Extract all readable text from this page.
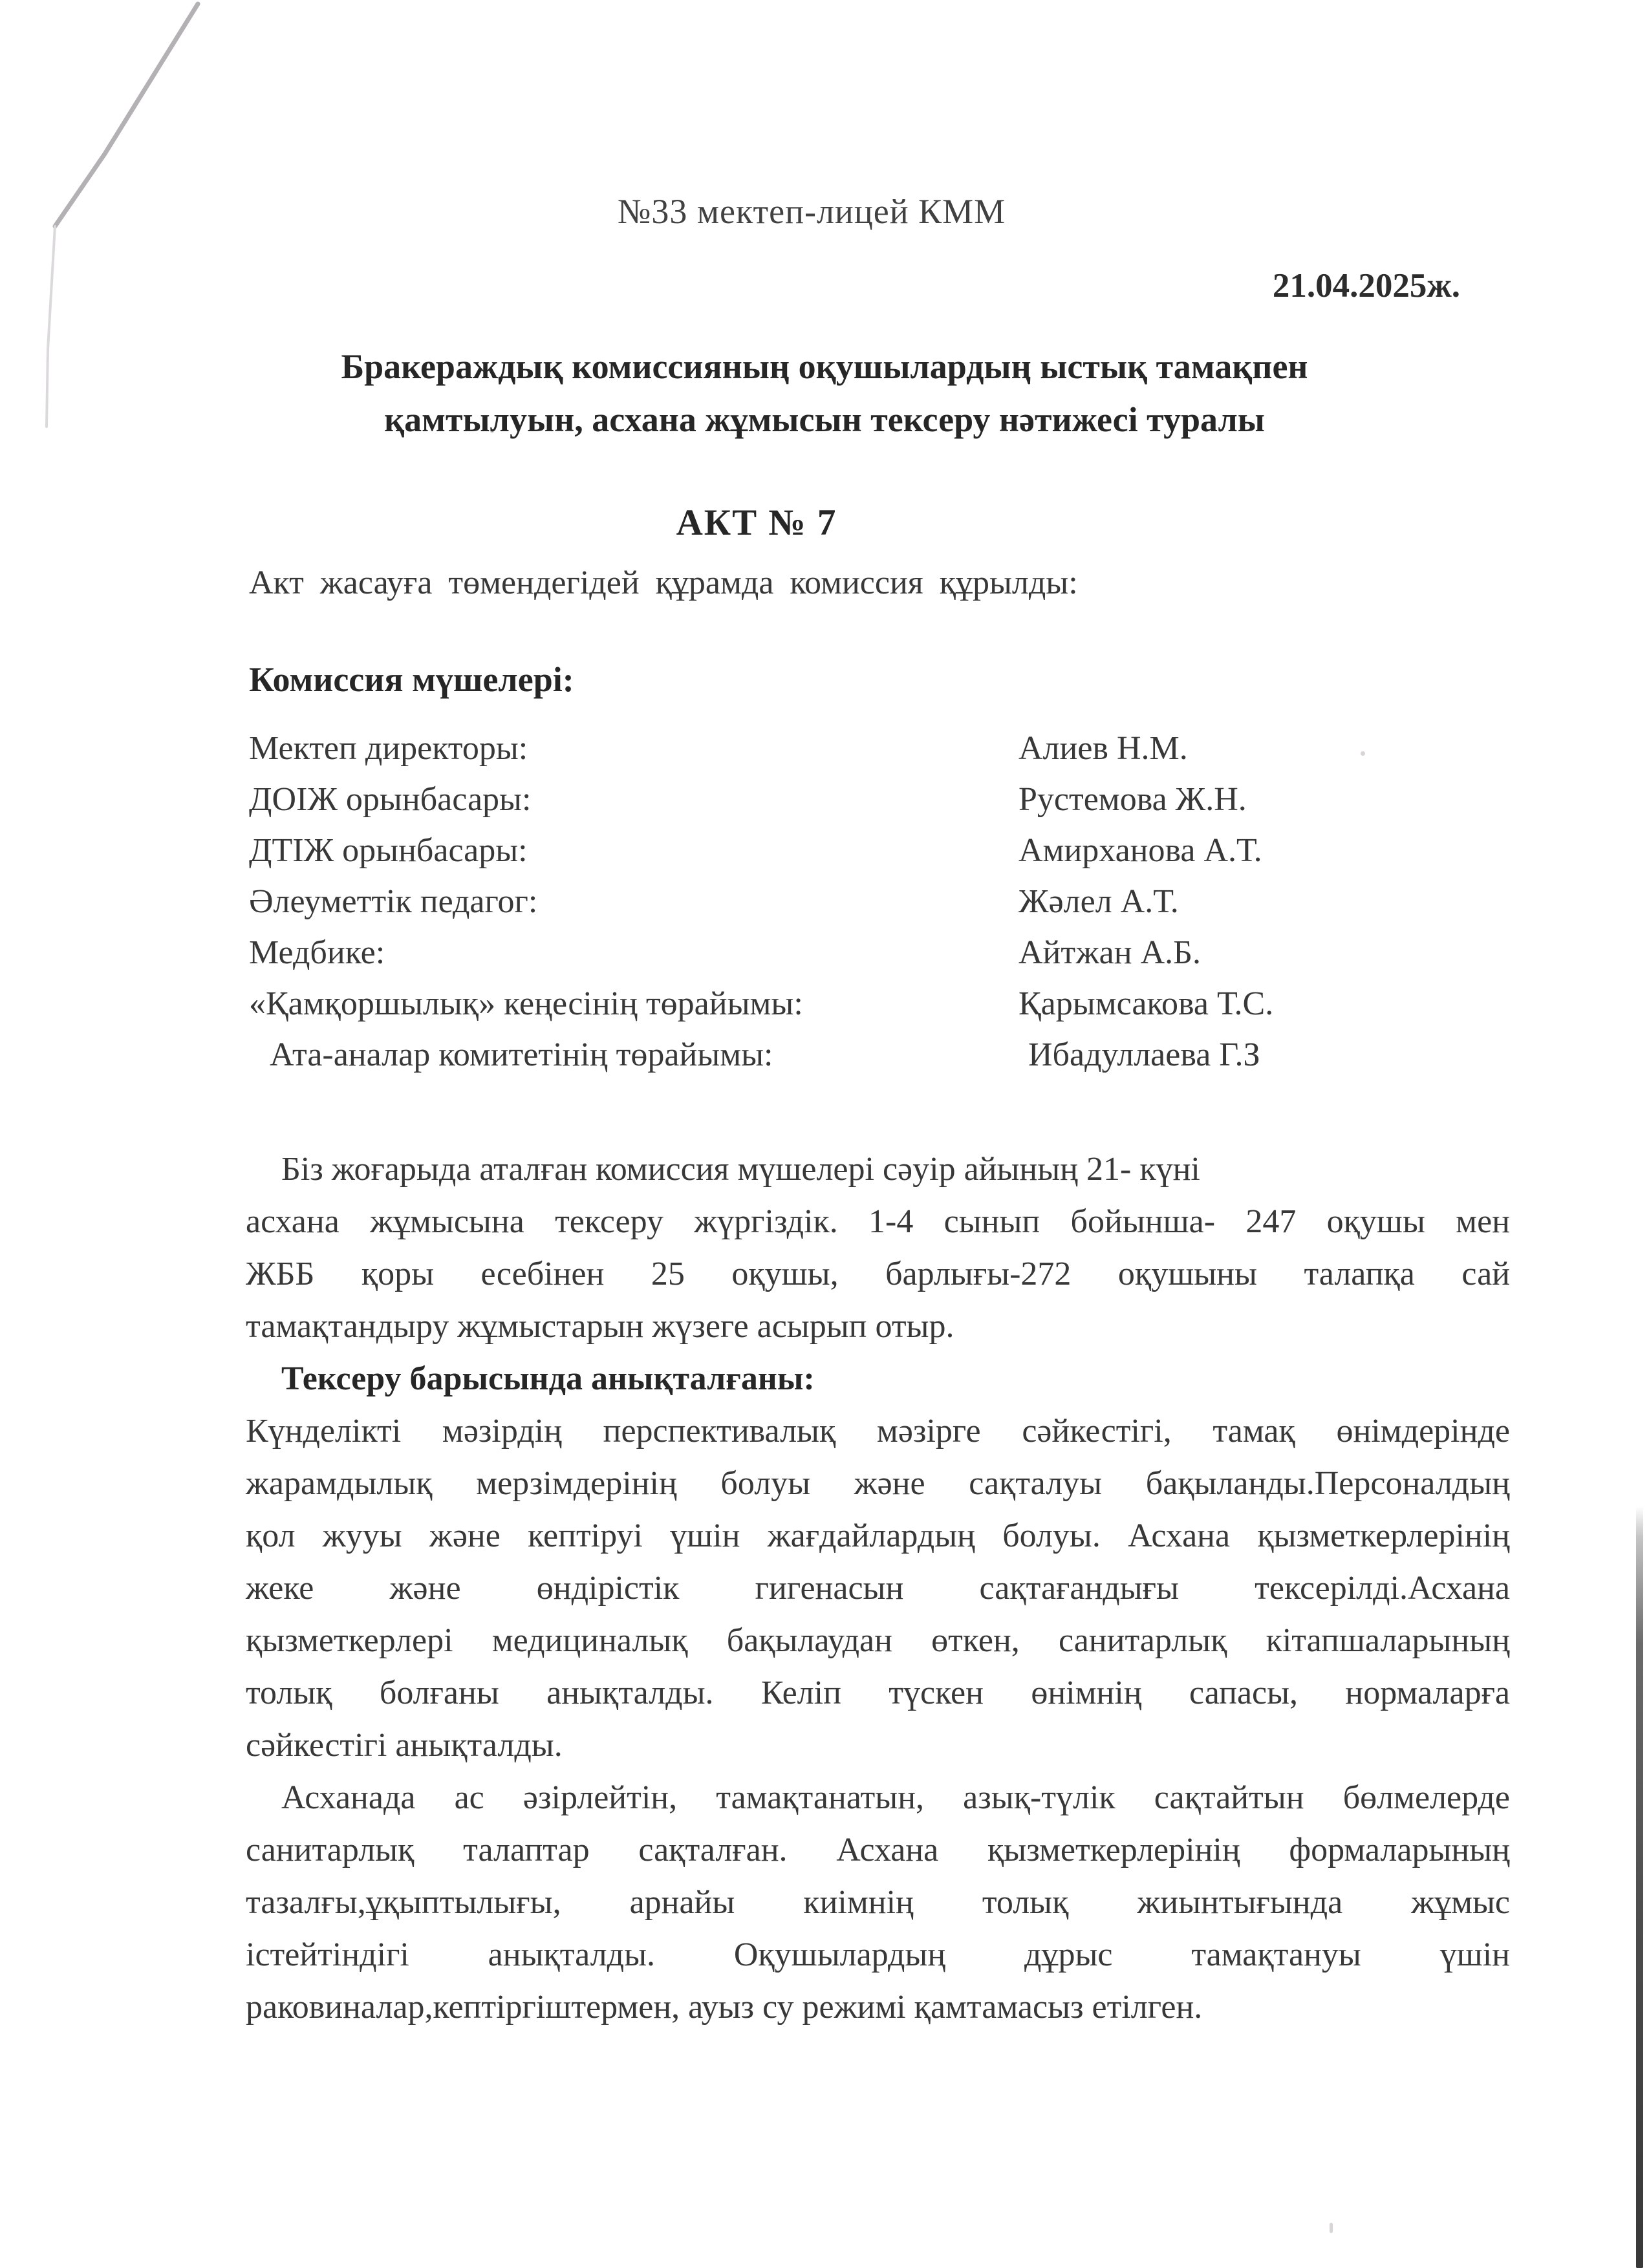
№33 мектеп-лицей КММ
21.04.2025ж.
Бракераждық комиссияның оқушылардың ыстық тамақпен
қамтылуын, асхана жұмысын тексеру нәтижесі туралы
АКТ № 7
Акт жасауға төмендегідей құрамда комиссия құрылды:
Комиссия мүшелері:
Мектеп директоры:	Алиев Н.М.
ДОІЖ орынбасары:	Рустемова Ж.Н.
ДТІЖ орынбасары:	Амирханова А.Т.
Әлеуметтік педагог:	Жәлел А.Т.
Медбике:	Айтжан А.Б.
«Қамқоршылық» кеңесінің төрайымы:	Қарымсакова Т.С.
Ата-аналар комитетінің төрайымы:	Ибадуллаева Г.З
Біз жоғарыда аталған комиссия мүшелері сәуір айының 21- күні
асхана жұмысына тексеру жүргіздік. 1-4 сынып бойынша- 247 оқушы мен
ЖББ қоры есебінен 25 оқушы, барлығы-272 оқушыны талапқа сай
тамақтандыру жұмыстарын жүзеге асырып отыр.
Тексеру барысында анықталғаны:
Күнделікті мәзірдің перспективалық мәзірге сәйкестігі, тамақ өнімдерінде
жарамдылық мерзімдерінің болуы және сақталуы бақыланды.Персоналдың
қол жууы және кептіруі үшін жағдайлардың болуы. Асхана қызметкерлерінің
жеке және өндірістік гигенасын сақтағандығы тексерілді.Асхана
қызметкерлері медициналық бақылаудан өткен, санитарлық кітапшаларының
толық болғаны анықталды. Келіп түскен өнімнің сапасы, нормаларға
сәйкестігі анықталды.
Асханада ас әзірлейтін, тамақтанатын, азық-түлік сақтайтын бөлмелерде
санитарлық талаптар сақталған. Асхана қызметкерлерінің формаларының
тазалғы,ұқыптылығы, арнайы киімнің толық жиынтығында жұмыс
істейтіндігі анықталды. Оқушылардың дұрыс тамақтануы үшін
раковиналар,кептіргіштермен, ауыз су режимі қамтамасыз етілген.
